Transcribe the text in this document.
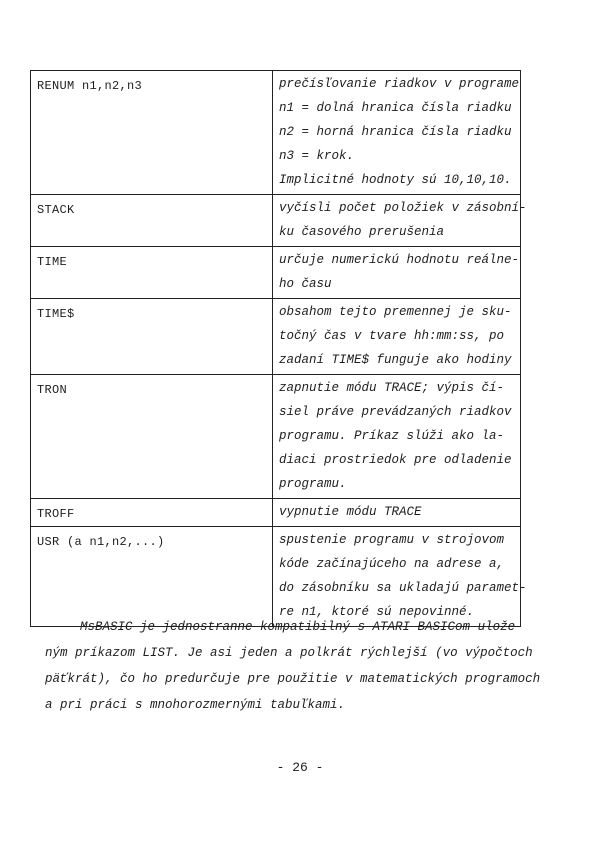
RENUM n1,n2,n3	prečísľovanie riadkov v programe
n1 = dolná hranica čísla riadku
n2 = horná hranica čísla riadku
n3 = krok.
Implicitné hodnoty sú 10,10,10.

STACK	vyčísli počet položiek v zásobní-
ku časového prerušenia

TIME	určuje numerickú hodnotu reálne-
ho času

TIME$	obsahom tejto premennej je sku-
točný čas v tvare hh:mm:ss, po
zadaní TIME$ funguje ako hodiny

TRON	zapnutie módu TRACE; výpis čí-
siel práve prevádzaných riadkov
programu. Príkaz slúži ako la-
diaci prostriedok pre odladenie
programu.

TROFF	vypnutie módu TRACE

USR (a n1,n2,...)	spustenie programu v strojovom
kóde začínajúceho na adrese a,
do zásobníku sa ukladajú paramet-
re n1, ktoré sú nepovinné.
MsBASIC je jednostranne kompatibilný s ATARI BASICom ulože-
ným príkazom LIST. Je asi jeden a polkrát rýchlejší (vo výpočtoch
päťkrát), čo ho predurčuje pre použitie v matematických programoch
a pri práci s mnohorozmernými tabuľkami.
- 26 -
